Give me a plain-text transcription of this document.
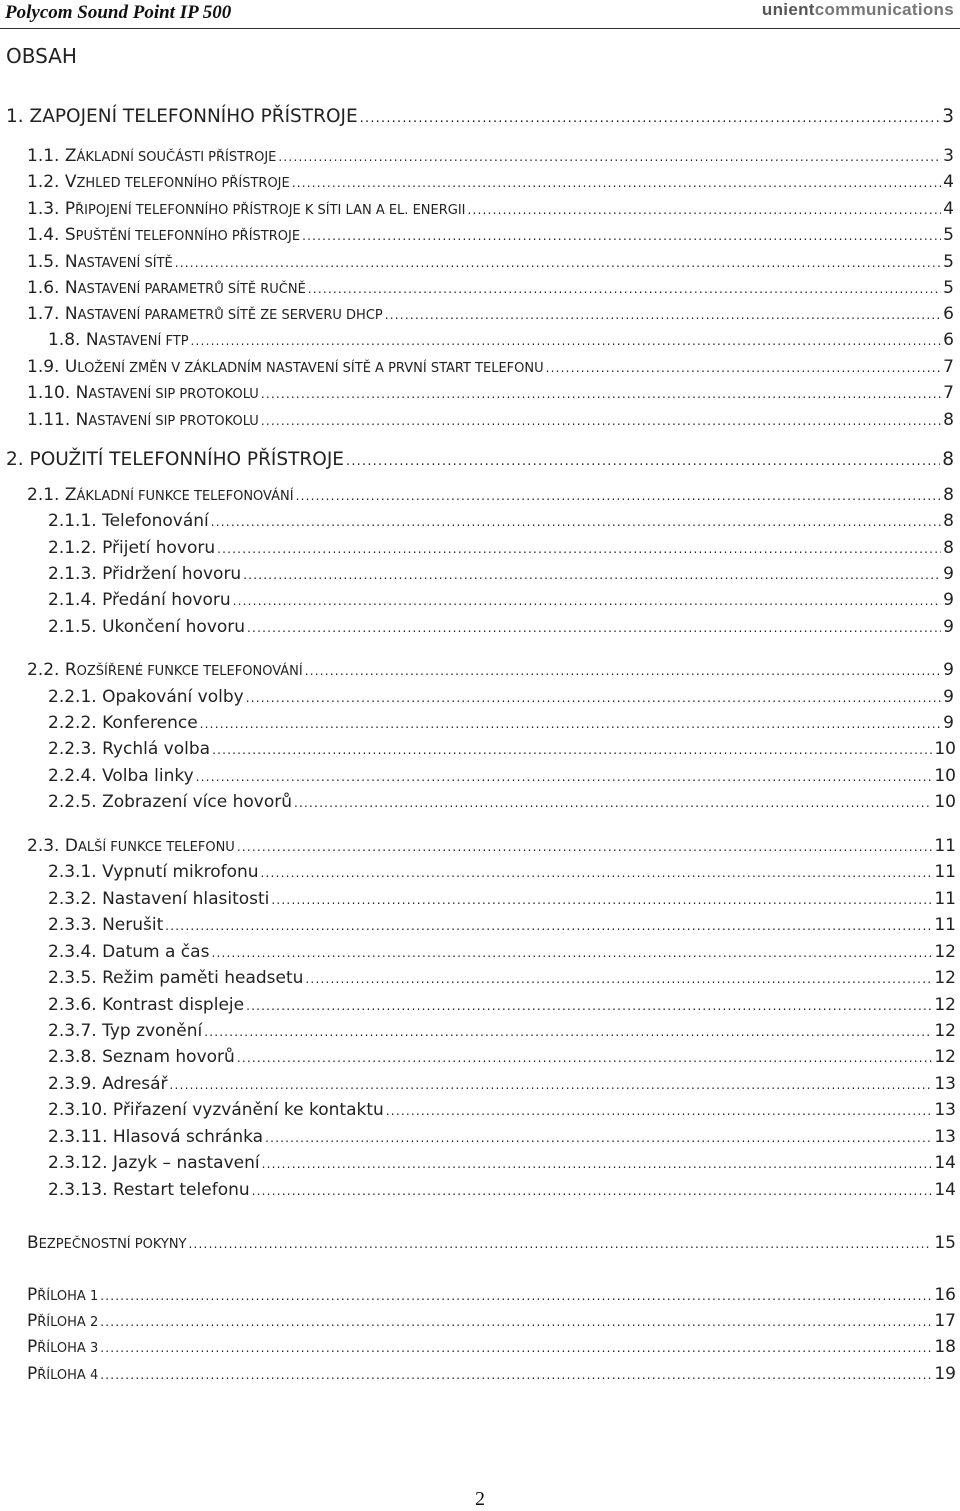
Polycom Sound Point IP 500	unientcommunications
OBSAH
1. ZAPOJENÍ TELEFONNÍHO PŘÍSTROJE .....	3
1.1. ZÁKLADNÍ SOUČÁSTI PŘÍSTROJE .....	3
1.2. VZHLED TELEFONNÍHO PŘÍSTROJE .....	4
1.3. PŘIPOJENÍ TELEFONNÍHO PŘÍSTROJE K SÍTI LAN A EL. ENERGII .....	4
1.4. SPUŠTĚNÍ TELEFONNÍHO PŘÍSTROJE .....	5
1.5. NASTAVENÍ SÍTĚ .....	5
1.6. NASTAVENÍ PARAMETRŮ SÍTĚ RUČNĚ .....	5
1.7. NASTAVENÍ PARAMETRŮ SÍTĚ ZE SERVERU DHCP .....	6
1.8. NASTAVENÍ FTP .....	6
1.9. ULOŽENÍ ZMĚN V ZÁKLADNÍM NASTAVENÍ SÍTĚ A PRVNÍ START TELEFONU .....	7
1.10. NASTAVENÍ SIP PROTOKOLU .....	7
1.11. NASTAVENÍ SIP PROTOKOLU .....	8
2. POUŽITÍ TELEFONNÍHO PŘÍSTROJE .....	8
2.1. ZÁKLADNÍ FUNKCE TELEFONOVÁNÍ .....	8
2.1.1. Telefonování .....	8
2.1.2. Přijetí hovoru .....	8
2.1.3. Přidržení hovoru .....	9
2.1.4. Předání hovoru .....	9
2.1.5. Ukončení hovoru .....	9
2.2. ROZŠÍŘENÉ FUNKCE TELEFONOVÁNÍ .....	9
2.2.1. Opakování volby .....	9
2.2.2. Konference .....	9
2.2.3. Rychlá volba .....	10
2.2.4. Volba linky .....	10
2.2.5. Zobrazení více hovorů .....	10
2.3. DALŠÍ FUNKCE TELEFONU .....	11
2.3.1. Vypnutí mikrofonu .....	11
2.3.2. Nastavení hlasitosti .....	11
2.3.3. Nerušit .....	11
2.3.4. Datum a čas .....	12
2.3.5. Režim paměti headsetu .....	12
2.3.6. Kontrast displeje .....	12
2.3.7. Typ zvonění .....	12
2.3.8. Seznam hovorů .....	12
2.3.9. Adresář .....	13
2.3.10. Přiřazení vyzvánění ke kontaktu .....	13
2.3.11. Hlasová schránka .....	13
2.3.12. Jazyk – nastavení .....	14
2.3.13. Restart telefonu .....	14
BEZPEČNOSTNÍ POKYNY .....	15
PŘÍLOHA 1 .....	16
PŘÍLOHA 2 .....	17
PŘÍLOHA 3 .....	18
PŘÍLOHA 4 .....	19
2
